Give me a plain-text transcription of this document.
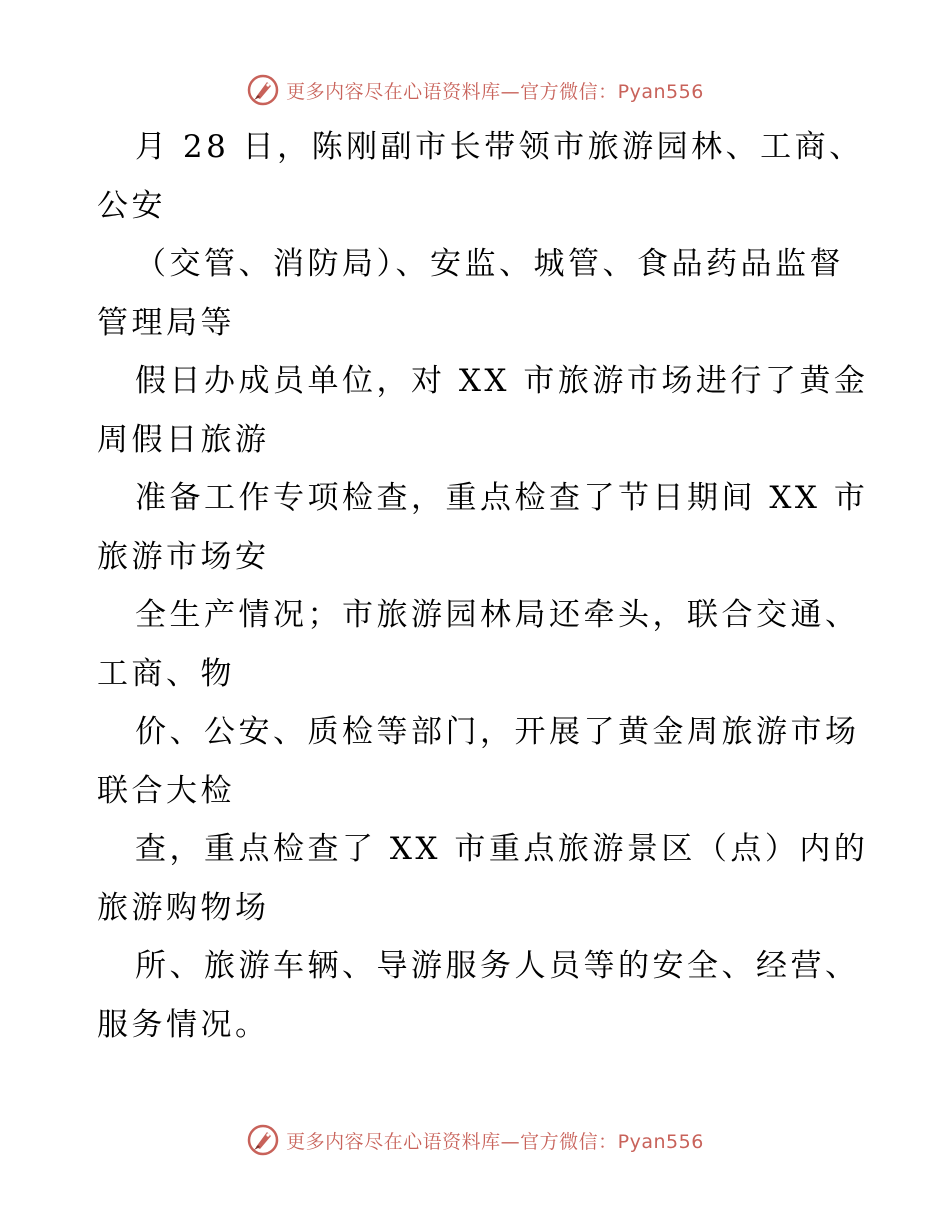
更多内容尽在心语资料库—官方微信：Pyan556
月 28 日，陈刚副市长带领市旅游园林、工商、
公安
（交管、消防局）、安监、城管、食品药品监督
管理局等
假日办成员单位，对 XX 市旅游市场进行了黄金
周假日旅游
准备工作专项检查，重点检查了节日期间 XX 市
旅游市场安
全生产情况；市旅游园林局还牵头，联合交通、
工商、物
价、公安、质检等部门，开展了黄金周旅游市场
联合大检
查，重点检查了 XX 市重点旅游景区（点）内的
旅游购物场
所、旅游车辆、导游服务人员等的安全、经营、
服务情况。
更多内容尽在心语资料库—官方微信：Pyan556
